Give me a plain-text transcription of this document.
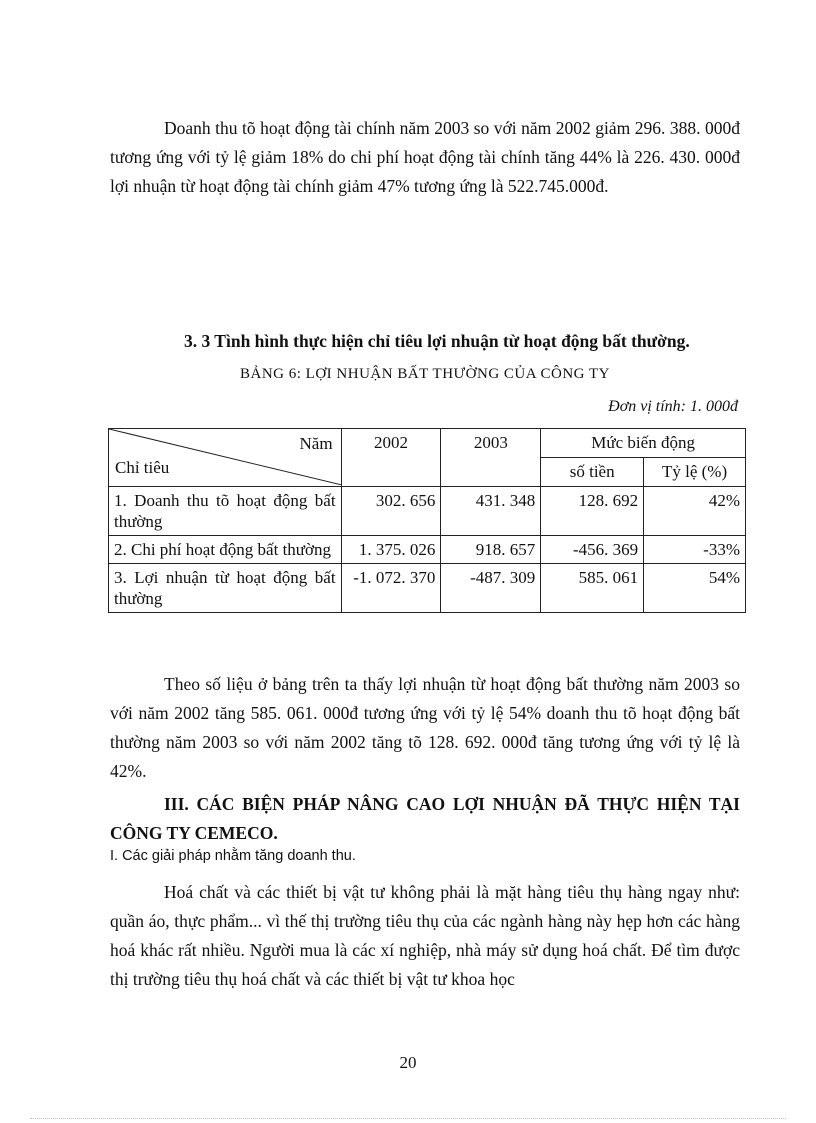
Doanh thu tõ hoạt động tài chính năm 2003 so với năm 2002 giảm 296. 388. 000đ tương ứng với tỷ lệ giảm 18% do chi phí hoạt động tài chính tăng 44% là 226. 430. 000đ lợi nhuận từ hoạt động tài chính giảm 47% tương ứng là 522.745.000đ.

3. 3 Tình hình thực hiện chỉ tiêu lợi nhuận từ hoạt động bất thường.
BẢNG 6: LỢI NHUẬN BẤT THƯỜNG CỦA CÔNG TY
Đơn vị tính: 1. 000đ
Năm
Chỉ tiêu	2002	2003	Mức biến động	
			số tiền	Tỷ lệ (%)
1. Doanh thu tõ hoạt động bất thường	302. 656	431. 348	128. 692	42%
2. Chi phí hoạt động bất thường	1. 375. 026	918. 657	-456. 369	-33%
3. Lợi nhuận từ hoạt động bất thường	-1. 072. 370	-487. 309	585. 061	54%

Theo số liệu ở bảng trên ta thấy lợi nhuận từ hoạt động bất thường năm 2003 so với năm 2002 tăng 585. 061. 000đ tương ứng với tỷ lệ 54% doanh thu tõ hoạt động bất thường năm 2003 so với năm 2002 tăng tõ 128. 692. 000đ tăng tương ứng với tỷ lệ là 42%.

III. CÁC BIỆN PHÁP NÂNG CAO LỢI NHUẬN ĐÃ THỰC HIỆN TẠI CÔNG TY CEMECO.

I. Các giải pháp nhằm tăng doanh thu.

Hoá chất và các thiết bị vật tư không phải là mặt hàng tiêu thụ hàng ngay như: quần áo, thực phẩm... vì thế thị trường tiêu thụ của các ngành hàng này hẹp hơn các hàng hoá khác rất nhiều. Người mua là các xí nghiệp, nhà máy sử dụng hoá chất. Để tìm được thị trường tiêu thụ hoá chất và các thiết bị vật tư khoa học

20
